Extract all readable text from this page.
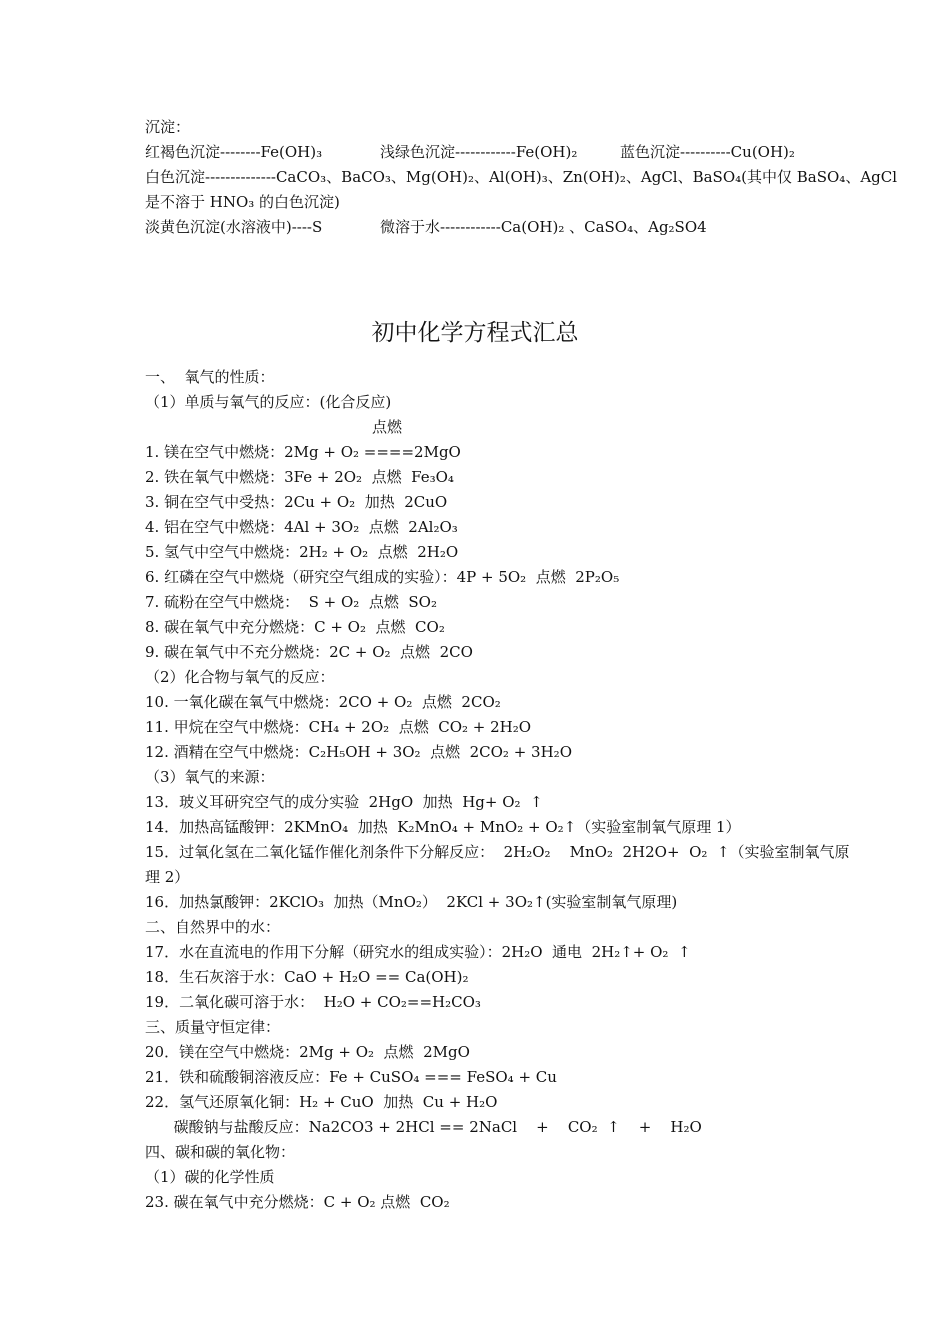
沉淀：
红褐色沉淀--------Fe(OH)₃	浅绿色沉淀------------Fe(OH)₂	蓝色沉淀----------Cu(OH)₂
白色沉淀--------------CaCO₃、BaCO₃、Mg(OH)₂、Al(OH)₃、Zn(OH)₂、AgCl、BaSO₄(其中仅 BaSO₄、AgCl
是不溶于 HNO₃ 的白色沉淀)
淡黄色沉淀(水溶液中)----S	微溶于水------------Ca(OH)₂ 、CaSO₄、Ag₂SO4
初中化学方程式汇总
一、  氧气的性质：
（1）单质与氧气的反应：(化合反应)
点燃
1. 镁在空气中燃烧：2Mg + O₂ ====2MgO
2. 铁在氧气中燃烧：3Fe + 2O₂  点燃  Fe₃O₄
3. 铜在空气中受热：2Cu + O₂  加热  2CuO
4. 铝在空气中燃烧：4Al + 3O₂  点燃  2Al₂O₃
5. 氢气中空气中燃烧：2H₂ + O₂  点燃  2H₂O
6. 红磷在空气中燃烧（研究空气组成的实验）：4P + 5O₂  点燃  2P₂O₅
7. 硫粉在空气中燃烧：  S + O₂  点燃  SO₂
8. 碳在氧气中充分燃烧：C + O₂  点燃  CO₂
9. 碳在氧气中不充分燃烧：2C + O₂  点燃  2CO
（2）化合物与氧气的反应：
10. 一氧化碳在氧气中燃烧：2CO + O₂  点燃  2CO₂
11. 甲烷在空气中燃烧：CH₄ + 2O₂  点燃  CO₂ + 2H₂O
12. 酒精在空气中燃烧：C₂H₅OH + 3O₂  点燃  2CO₂ + 3H₂O
（3）氧气的来源：
13．玻义耳研究空气的成分实验  2HgO  加热  Hg+ O₂  ↑
14．加热高锰酸钾：2KMnO₄  加热  K₂MnO₄ + MnO₂ + O₂↑（实验室制氧气原理 1）
15．过氧化氢在二氧化锰作催化剂条件下分解反应：  2H₂O₂    MnO₂  2H2O+  O₂  ↑（实验室制氧气原
理 2）
16．加热氯酸钾：2KClO₃  加热（MnO₂）  2KCl + 3O₂↑(实验室制氧气原理)
二、自然界中的水：
17．水在直流电的作用下分解（研究水的组成实验）：2H₂O  通电  2H₂↑+ O₂  ↑
18．生石灰溶于水：CaO + H₂O == Ca(OH)₂
19．二氧化碳可溶于水：  H₂O + CO₂==H₂CO₃
三、质量守恒定律：
20．镁在空气中燃烧：2Mg + O₂  点燃  2MgO
21．铁和硫酸铜溶液反应：Fe + CuSO₄ === FeSO₄ + Cu
22．氢气还原氧化铜：H₂ + CuO  加热  Cu + H₂O
碳酸钠与盐酸反应：Na2CO3 + 2HCl == 2NaCl    +    CO₂  ↑    +    H₂O
四、碳和碳的氧化物：
（1）碳的化学性质
23. 碳在氧气中充分燃烧：C + O₂ 点燃  CO₂
